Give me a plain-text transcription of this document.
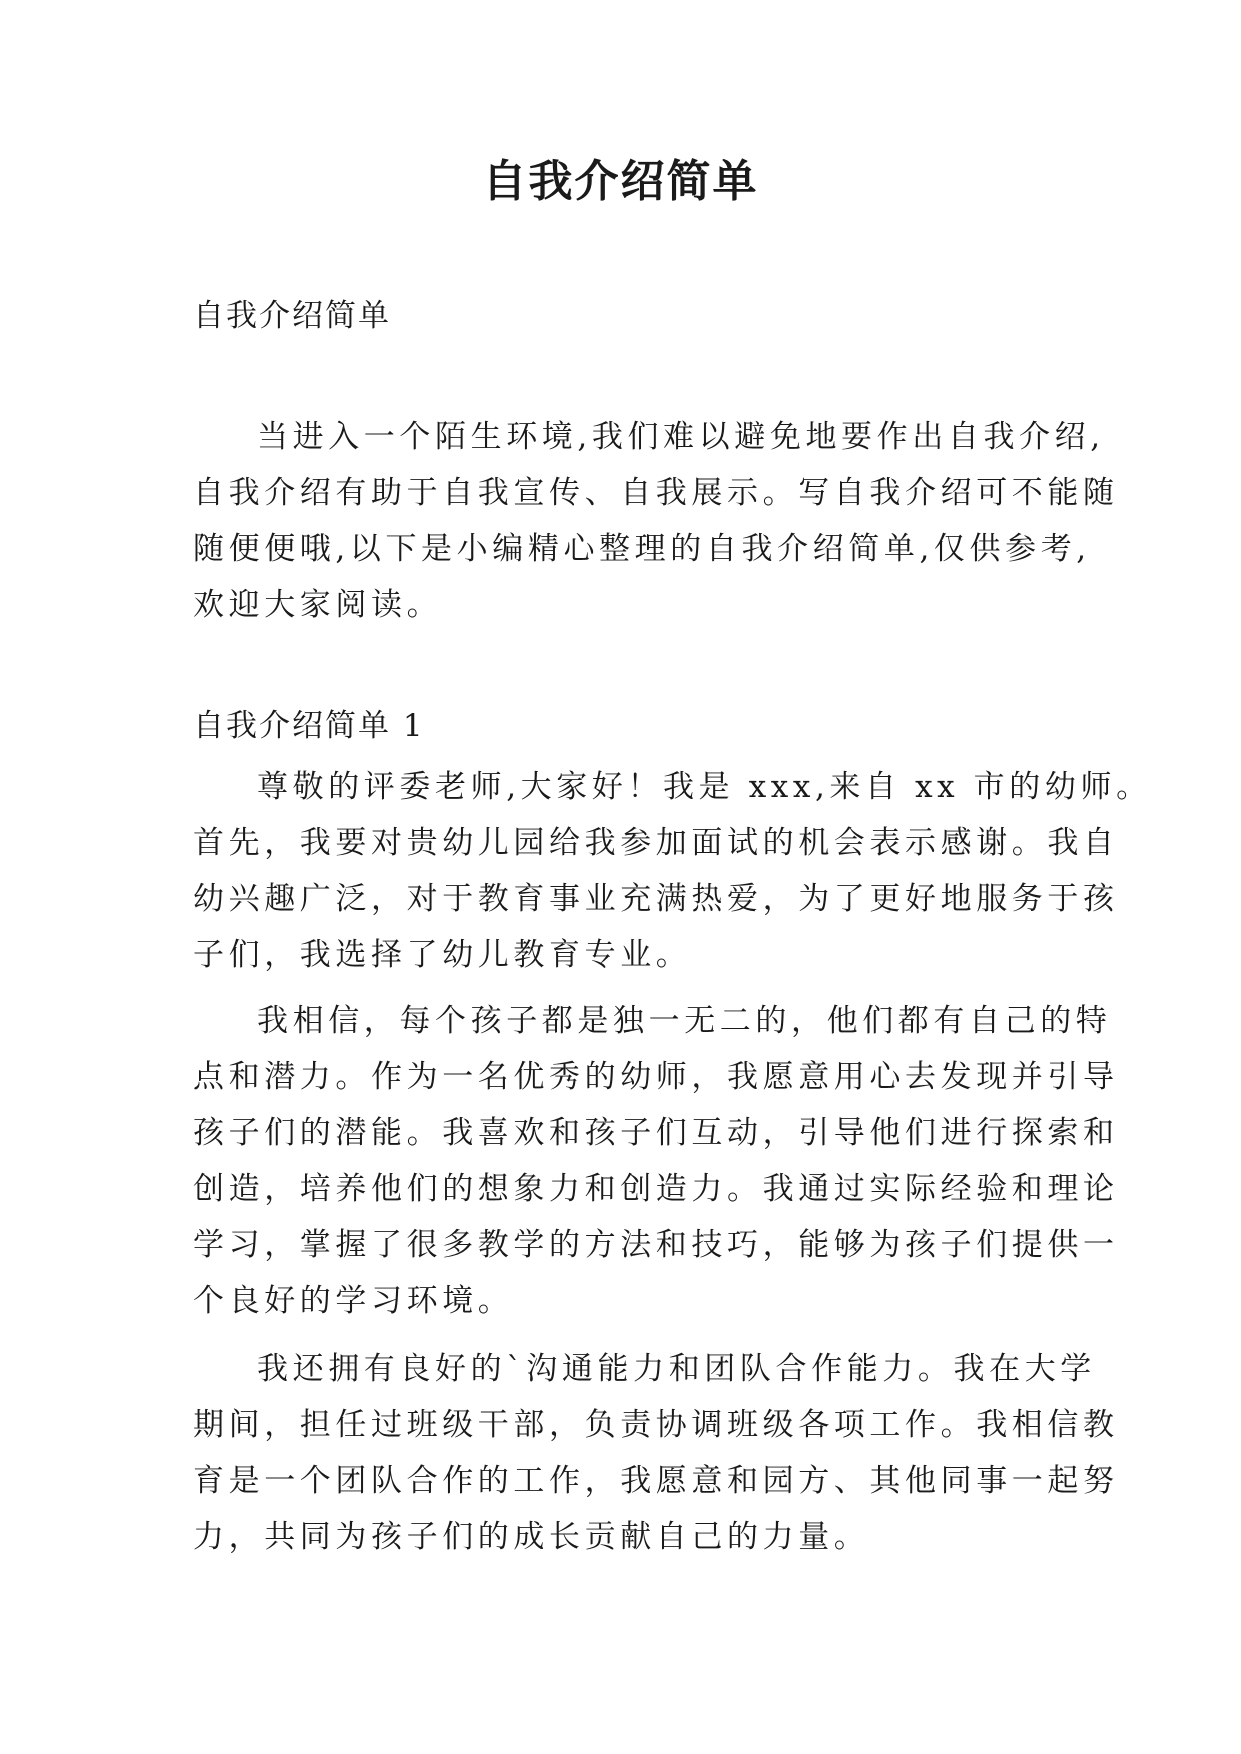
自我介绍简单
自我介绍简单
当进入一个陌生环境,我们难以避免地要作出自我介绍,
自我介绍有助于自我宣传、自我展示。写自我介绍可不能随
随便便哦,以下是小编精心整理的自我介绍简单,仅供参考,
欢迎大家阅读。
自我介绍简单 1
尊敬的评委老师,大家好！我是 xxx,来自 xx 市的幼师。
首先，我要对贵幼儿园给我参加面试的机会表示感谢。我自
幼兴趣广泛，对于教育事业充满热爱，为了更好地服务于孩
子们，我选择了幼儿教育专业。
我相信，每个孩子都是独一无二的，他们都有自己的特
点和潜力。作为一名优秀的幼师，我愿意用心去发现并引导
孩子们的潜能。我喜欢和孩子们互动，引导他们进行探索和
创造，培养他们的想象力和创造力。我通过实际经验和理论
学习，掌握了很多教学的方法和技巧，能够为孩子们提供一
个良好的学习环境。
我还拥有良好的`沟通能力和团队合作能力。我在大学
期间，担任过班级干部，负责协调班级各项工作。我相信教
育是一个团队合作的工作，我愿意和园方、其他同事一起努
力，共同为孩子们的成长贡献自己的力量。
